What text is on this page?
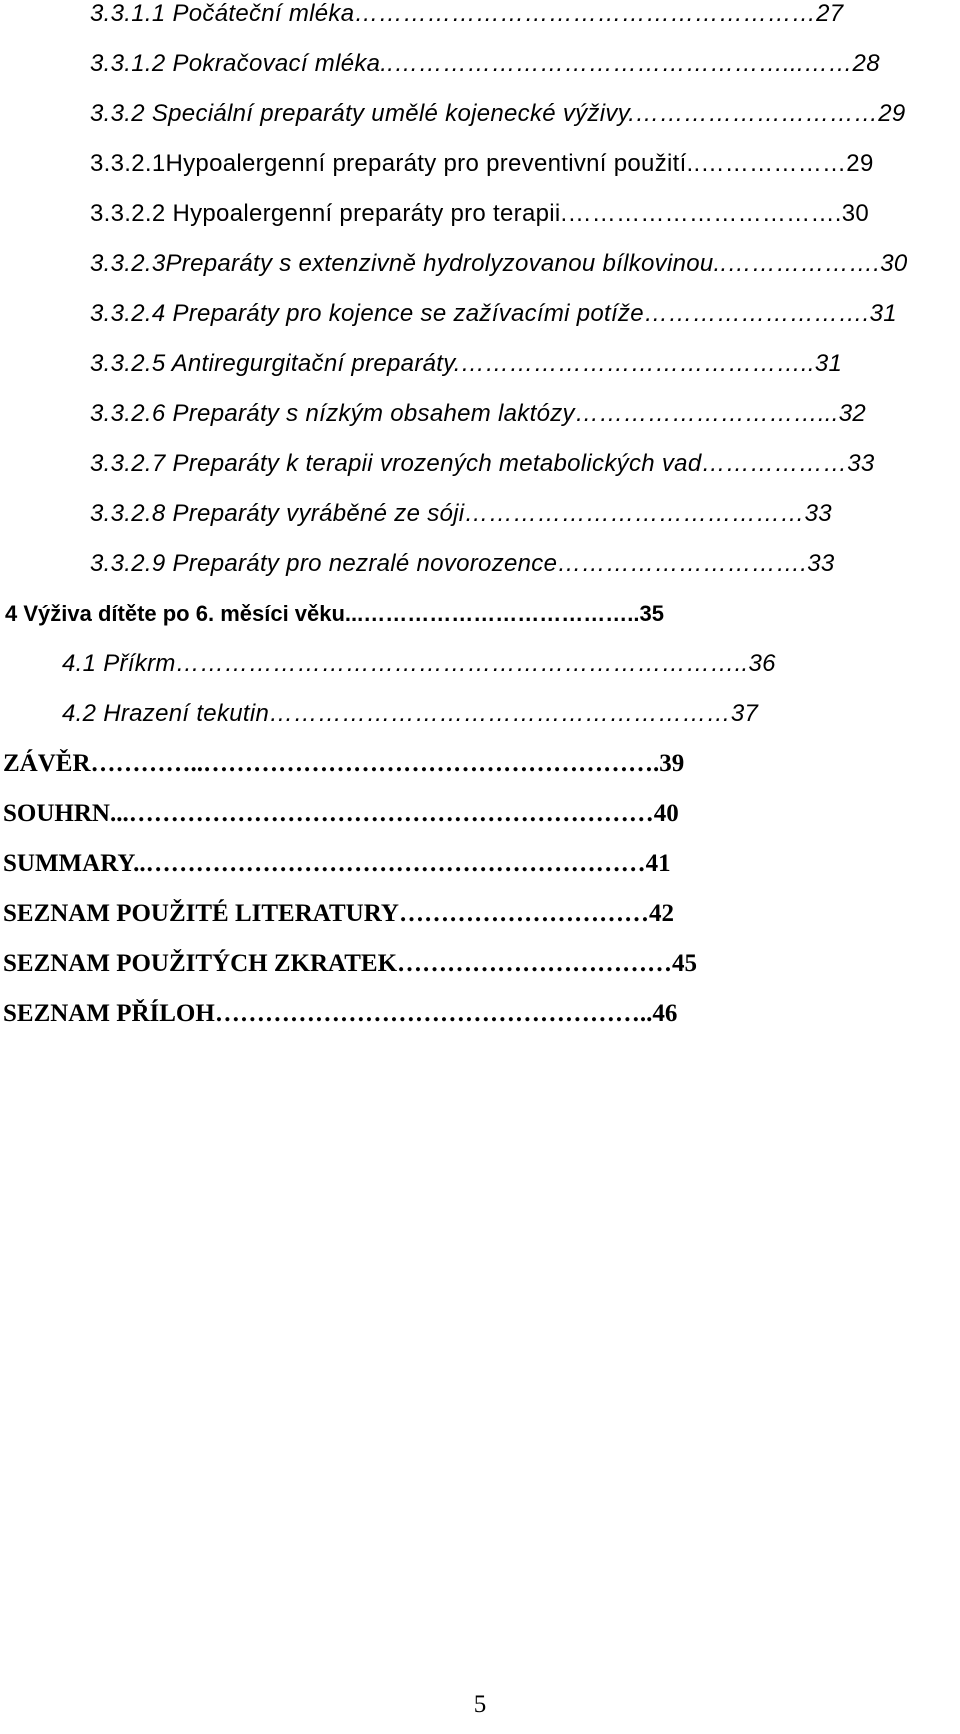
3.3.1.1 Počáteční mléka…………………………………………………27
3.3.1.2 Pokračovací mléka..…………………………………………...……28
3.3.2 Speciální preparáty umělé kojenecké výživy.…………………………29
3.3.2.1Hypoalergenní preparáty pro preventivní použití..………………29
3.3.2.2 Hypoalergenní preparáty pro terapii.…………………………….30
3.3.2.3Preparáty s extenzivně hydrolyzovanou bílkovinou..……………….30
3.3.2.4 Preparáty pro kojence se zažívacími potíže……………………….31
3.3.2.5 Antiregurgitační preparáty.……………………………………..31
3.3.2.6 Preparáty s nízkým obsahem laktózy…………………………...32
3.3.2.7 Preparáty k terapii vrozených metabolických vad………………33
3.3.2.8 Preparáty vyráběné ze sóji……………………………………33
3.3.2.9 Preparáty pro nezralé novorozence………………………….33
4 Výživa dítěte po 6. měsíci věku...………………………………..35
4.1 Příkrm……………………………………………………………..36
4.2 Hrazení tekutin…………………………………………………37
ZÁVĚR…………..……………………………………………….39
SOUHRN...………………………………………………………40
SUMMARY..……………………………………………………41
SEZNAM POUŽITÉ LITERATURY…………………………42
SEZNAM POUŽITÝCH ZKRATEK……………………………45
SEZNAM PŘÍLOH……………………………………………..46
5
